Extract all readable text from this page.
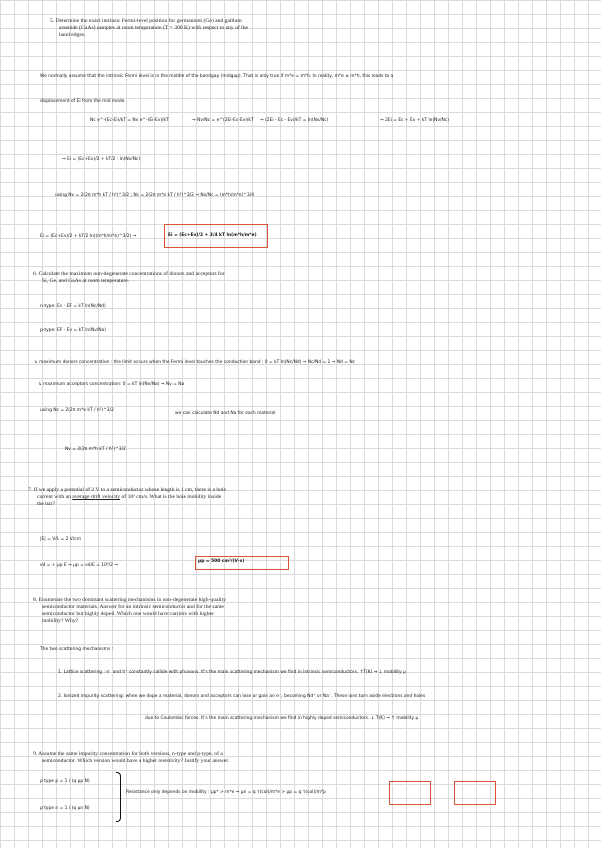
5. Determine the exact intrinsic Fermi-level position for germanium (Ge) and gallium
arsenide (GaAs) samples at room temperature (T = 300 K) with respect to any of the
band edges.
We normally assume that the intrinsic Fermi level is in the middle of the bandgap (midgap). That is only true if m*e = m*h. In reality, m*e ≠ m*h, this leads to a
displacement of Ei from the mid mode.
Nc e^-(Ec-Ei)/kT = Nv e^-(Ei-Ev)/kT	⇒ Nv/Nc = e^(2Ei-Ec-Ev)/kT ⇒ (2Ei - Ec - Ev)/kT = ln(Nv/Nc)	⇒ 2Ei = Ec + Ev + kT ln(Nv/Nc)
⇒ Ei = (Ec+Ev)/2 + kT/2 · ln(Nv/Nc)
using Nv = 2(2π m*h kT / h²)^3/2 ; Nc = 2(2π m*e kT / h²)^3/2 ⇒ Nv/Nc = (m*h/m*e)^3/4
Ei = (Ec+Ev)/2 + kT/2 ln((m*h/m*e)^3/2) ⇒	Ei = (Ec+Ev)/2 + 3/4 kT ln(m*h/m*e)
6. Calculate the maximum non-degenerate concentrations of donors and acceptors for
Si, Ge, and GaAs at room temperature.
n-type: Ec - EF = kT ln(Nc/Nd)
p-type: EF - Ev = kT ln(Nv/Na)
↳ maximum donors concentration : the limit occurs when the Fermi level touches the conduction band : 0 = kT ln(Nc/Nd) ⇒ Nc/Nd = 1 ⇒ Nd = Nc
↳ maximum acceptors concentration: 0 = kT ln(Nv/Na) ⇒ Nv = Na
using Nc = 2(2π m*e kT / h²)^3/2
we can calculate Nd and Na for each material
Nv = 2(2π m*h kT / h²)^3/2
7. If we apply a potential of 2 V to a semiconductor whose length is 1 cm, there is a hole
current with an average drift velocity of 10³ cm/s. What is the hole mobility inside
the bar?
|E| = V/L = 2 V/cm
vd = + μp E ⇒ μp = vd/E = 10³/2 ⇒
μp = 500 cm²/(V·s)
8. Enumerate the two dominant scattering mechanisms in non-degenerate high-quality
semiconductor materials. Answer for an intrinsic semiconductor and for the same
semiconductor but highly doped. Which one would have carriers with higher
mobility? Why?
The two scattering mechanisms :
1. Lattice scattering : e⁻ and h⁺ constantly collide with phonons. It's the main scattering mechanism we find in intrinsic semiconductors. ↑T(K) ⇒ ↓ mobility μ
2. Ionized impurity scattering: when we dope a material, donors and acceptors can lose or gain an e⁻, becoming Nd⁺ or Na⁻. These ions turn aside electrons and holes
due to Coulombic forces. It's the main scattering mechanism we find in highly doped semiconductors. ↓ T(K) ⇒ ↑ mobility μ
9. Assume the same impurity concentration for both versions, n-type and p-type, of a
semiconductor. Which version would have a higher resistivity? Justify your answer.
ρ type p = 1 / (q μp N)
ρ type n = 1 / (q μn N)
Resistance only depends on mobility : μp* > m*e ⇒ μn = q τ(col)/m*e > μp = q τ(col)/m*p
